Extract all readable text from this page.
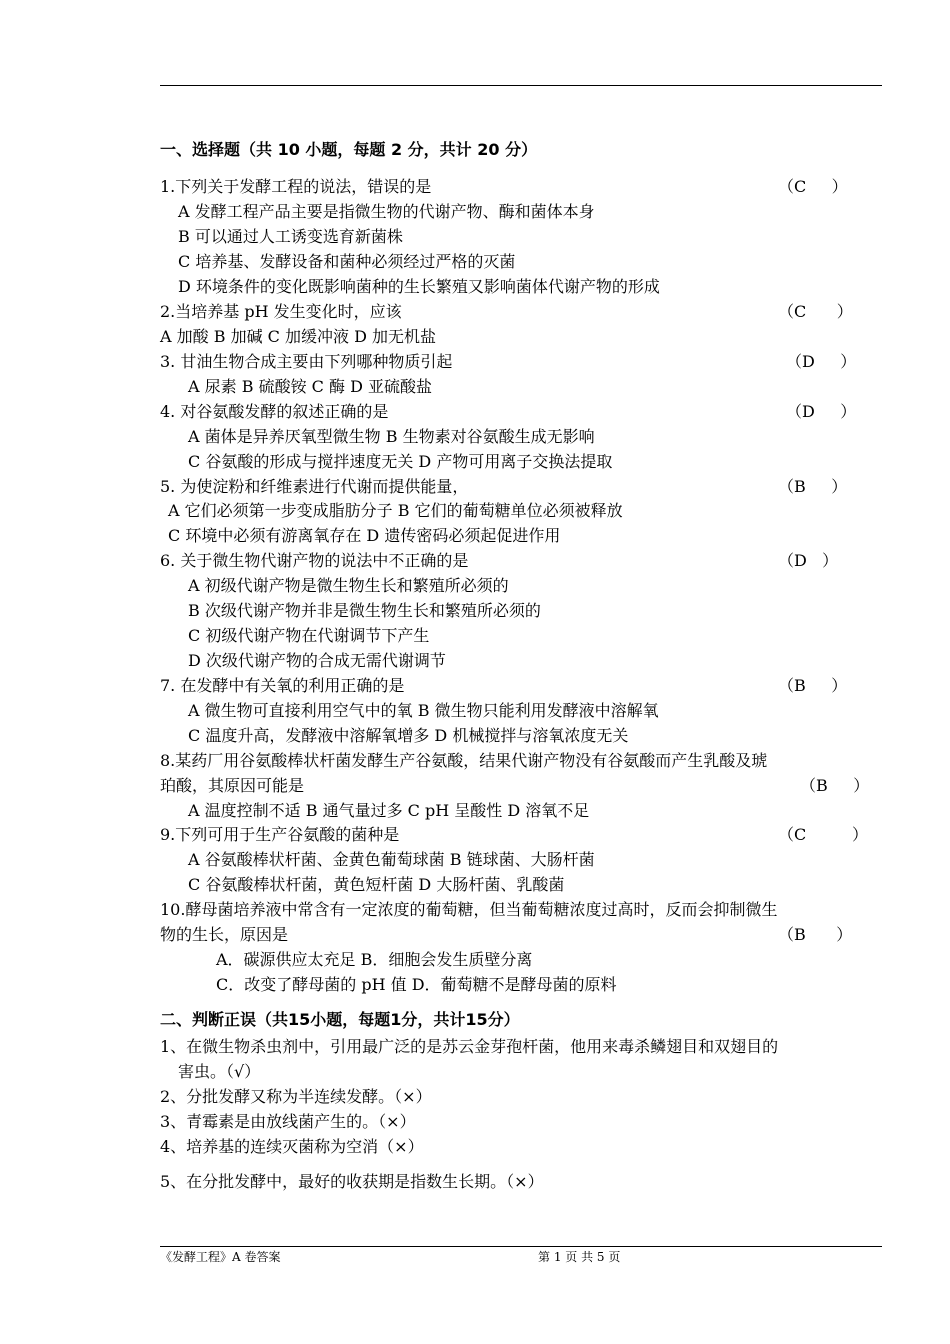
一、选择题（共 10 小题，每题 2 分，共计 20 分）
1.下列关于发酵工程的说法，错误的是
A 发酵工程产品主要是指微生物的代谢产物、酶和菌体本身
B 可以通过人工诱变选育新菌株
C 培养基、发酵设备和菌种必须经过严格的灭菌
D 环境条件的变化既影响菌种的生长繁殖又影响菌体代谢产物的形成
2.当培养基 pH 发生变化时，应该
A 加酸 B 加碱 C 加缓冲液 D 加无机盐
3. 甘油生物合成主要由下列哪种物质引起
A 尿素 B 硫酸铵 C 酶 D 亚硫酸盐
4. 对谷氨酸发酵的叙述正确的是
A 菌体是异养厌氧型微生物 B 生物素对谷氨酸生成无影响
C 谷氨酸的形成与搅拌速度无关 D 产物可用离子交换法提取
5. 为使淀粉和纤维素进行代谢而提供能量，
A 它们必须第一步变成脂肪分子 B 它们的葡萄糖单位必须被释放
C 环境中必须有游离氧存在 D 遗传密码必须起促进作用
6. 关于微生物代谢产物的说法中不正确的是
A 初级代谢产物是微生物生长和繁殖所必须的
B 次级代谢产物并非是微生物生长和繁殖所必须的
C 初级代谢产物在代谢调节下产生
D 次级代谢产物的合成无需代谢调节
7. 在发酵中有关氧的利用正确的是
A 微生物可直接利用空气中的氧 B 微生物只能利用发酵液中溶解氧
C 温度升高，发酵液中溶解氧增多 D 机械搅拌与溶氧浓度无关
8.某药厂用谷氨酸棒状杆菌发酵生产谷氨酸，结果代谢产物没有谷氨酸而产生乳酸及琥
珀酸，其原因可能是
A 温度控制不适 B 通气量过多 C pH 呈酸性 D 溶氧不足
9.下列可用于生产谷氨酸的菌种是
A 谷氨酸棒状杆菌、金黄色葡萄球菌 B 链球菌、大肠杆菌
C 谷氨酸棒状杆菌，黄色短杆菌 D 大肠杆菌、乳酸菌
10.酵母菌培养液中常含有一定浓度的葡萄糖，但当葡萄糖浓度过高时，反而会抑制微生
物的生长，原因是
A．碳源供应太充足 B．细胞会发生质壁分离
C．改变了酵母菌的 pH 值 D．葡萄糖不是酵母菌的原料
（C     ）
（C      ）
（D     ）
（D     ）
（B     ）
（D   ）
（B     ）
（B     ）
（C         ）
（B      ）
二、判断正误（共15小题，每题1分，共计15分）
1、在微生物杀虫剂中，引用最广泛的是苏云金芽孢杆菌，他用来毒杀鳞翅目和双翅目的
害虫。（√）
2、分批发酵又称为半连续发酵。（×）
3、青霉素是由放线菌产生的。（×）
4、培养基的连续灭菌称为空消（×）
5、在分批发酵中，最好的收获期是指数生长期。（×）
《发酵工程》A 卷答案	第 1 页 共 5 页
